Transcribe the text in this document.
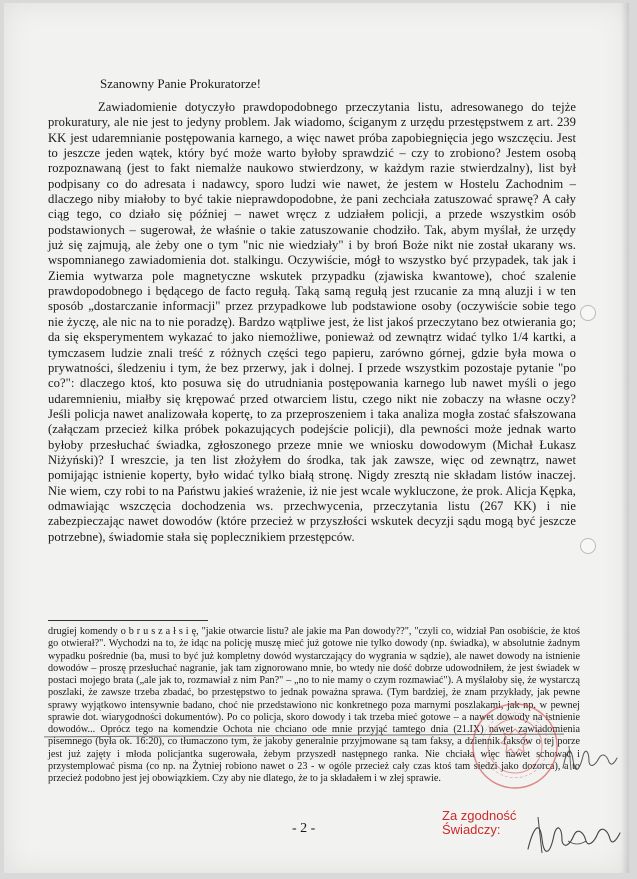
Szanowny Panie Prokuratorze!
Zawiadomienie dotyczyło prawdopodobnego przeczytania listu, adresowanego do tejże prokuratury, ale nie jest to jedyny problem. Jak wiadomo, ściganym z urzędu przestępstwem z art. 239 KK jest udaremnianie postępowania karnego, a więc nawet próba zapobiegnięcia jego wszczęciu. Jest to jeszcze jeden wątek, który być może warto byłoby sprawdzić – czy to zrobiono? Jestem osobą rozpoznawaną (jest to fakt niemalże naukowo stwierdzony, w każdym razie stwierdzalny), list był podpisany co do adresata i nadawcy, sporo ludzi wie nawet, że jestem w Hostelu Zachodnim – dlaczego niby miałoby to być takie nieprawdopodobne, że pani zechciała zatuszować sprawę? A cały ciąg tego, co działo się później – nawet wręcz z udziałem policji, a przede wszystkim osób podstawionych – sugerował, że właśnie o takie zatuszowanie chodziło. Tak, abym myślał, że urzędy już się zajmują, ale żeby one o tym "nic nie wiedziały" i by broń Boże nikt nie został ukarany ws. wspomnianego zawiadomienia dot. stalkingu. Oczywiście, mógł to wszystko być przypadek, tak jak i Ziemia wytwarza pole magnetyczne wskutek przypadku (zjawiska kwantowe), choć szalenie prawdopodobnego i będącego de facto regułą. Taką samą regułą jest rzucanie za mną aluzji i w ten sposób „dostarczanie informacji" przez przypadkowe lub podstawione osoby (oczywiście sobie tego nie życzę, ale nic na to nie poradzę). Bardzo wątpliwe jest, że list jakoś przeczytano bez otwierania go; da się eksperymentem wykazać to jako niemożliwe, ponieważ od zewnątrz widać tylko 1/4 kartki, a tymczasem ludzie znali treść z różnych części tego papieru, zarówno górnej, gdzie była mowa o prywatności, śledzeniu i tym, że bez przerwy, jak i dolnej. I przede wszystkim pozostaje pytanie "po co?": dlaczego ktoś, kto posuwa się do utrudniania postępowania karnego lub nawet myśli o jego udaremnieniu, miałby się krępować przed otwarciem listu, czego nikt nie zobaczy na własne oczy? Jeśli policja nawet analizowała kopertę, to za przeproszeniem i taka analiza mogła zostać sfałszowana (załączam przecież kilka próbek pokazujących podejście policji), dla pewności może jednak warto byłoby przesłuchać świadka, zgłoszonego przeze mnie we wniosku dowodowym (Michał Łukasz Niżyński)? I wreszcie, ja ten list złożyłem do środka, tak jak zawsze, więc od zewnątrz, nawet pomijając istnienie koperty, było widać tylko białą stronę. Nigdy zresztą nie składam listów inaczej. Nie wiem, czy robi to na Państwu jakieś wrażenie, iż nie jest wcale wykluczone, że prok. Alicja Kępka, odmawiając wszczęcia dochodzenia ws. przechwycenia, przeczytania listu (267 KK) i nie zabezpieczając nawet dowodów (które przecież w przyszłości wskutek decyzji sądu mogą być jeszcze potrzebne), świadomie stała się poplecznikiem przestępców.
drugiej komendy o b r u s z a ł s i ę, "jakie otwarcie listu? ale jakie ma Pan dowody??", "czyli co, widział Pan osobiście, że ktoś go otwierał?". Wychodzi na to, że idąc na policję muszę mieć już gotowe nie tylko dowody (np. świadka), w absolutnie żadnym wypadku pośrednie (ba, musi to być już kompletny dowód wystarczający do wygrania w sądzie), ale nawet dowody na istnienie dowodów – proszę przesłuchać nagranie, jak tam zignorowano mnie, bo wtedy nie dość dobrze udowodniłem, że jest świadek w postaci mojego brata („ale jak to, rozmawiał z nim Pan?" – „no to nie mamy o czym rozmawiać"). A myślałoby się, że wystarczą poszlaki, że zawsze trzeba zbadać, bo przestępstwo to jednak poważna sprawa. (Tym bardziej, że znam przykłady, jak pewne sprawy wyjątkowo intensywnie badano, choć nie przedstawiono nic konkretnego poza marnymi poszlakami, jak np. w pewnej sprawie dot. wiarygodności dokumentów). Po co policja, skoro dowody i tak trzeba mieć gotowe – a nawet dowody na istnienie dowodów... Oprócz tego na komendzie Ochota nie chciano ode mnie przyjąć tamtego dnia (21.IX) nawet zawiadomienia pisemnego (była ok. 16:20), co tłumaczono tym, że jakoby generalnie przyjmowane są tam faksy, a dziennik faksów o tej porze jest już zajęty i młoda policjantka sugerowała, żebym przyszedł następnego ranka. Nie chciała więc nawet schować i przystemplować pisma (co np. na Żytniej robiono nawet o 23 - w ogóle przecież cały czas ktoś tam siedzi jako dozorca), a to przecież podobno jest jej obowiązkiem. Czy aby nie dlatego, że to ja składałem i w złej sprawie.
- 2 -
Za zgodność
Świadczy:
